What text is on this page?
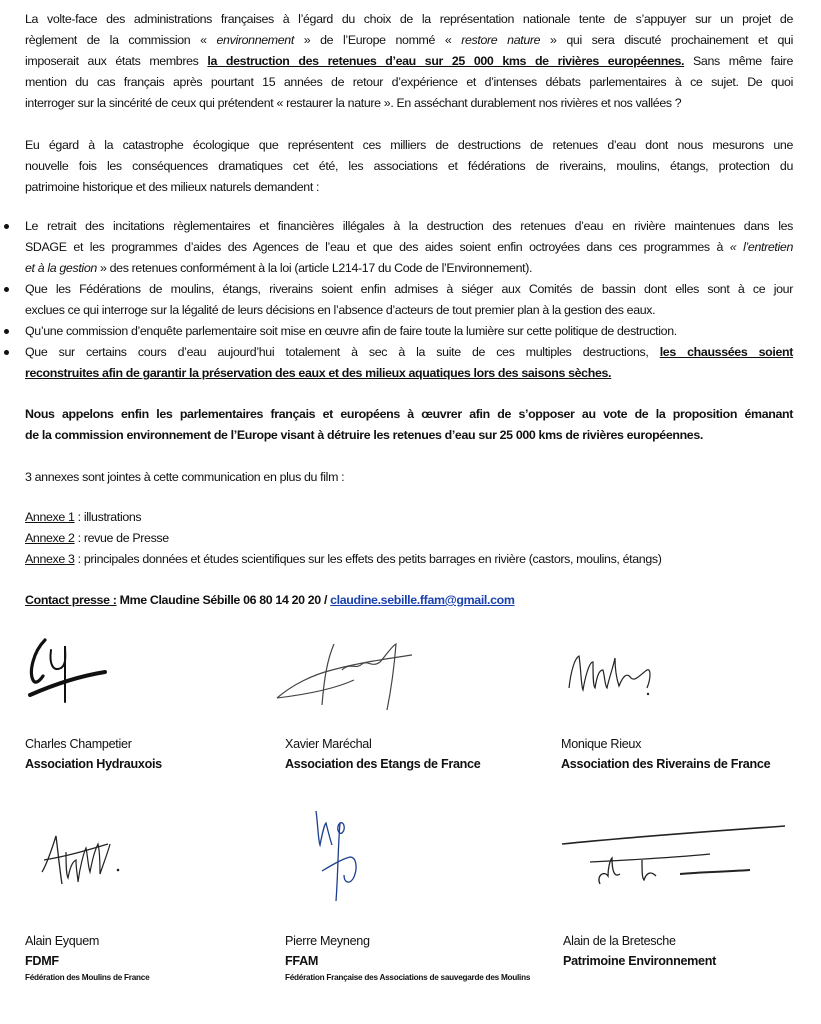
La volte-face des administrations françaises à l’égard du choix de la représentation nationale tente de s’appuyer sur un projet de
règlement de la commission « environnement » de l’Europe nommé « restore nature » qui sera discuté prochainement et qui
imposerait aux états membres la destruction des retenues d’eau sur 25 000 kms de rivières européennes. Sans même faire
mention du cas français après pourtant 15 années de retour d’expérience et d’intenses débats parlementaires à ce sujet. De quoi
interroger sur la sincérité de ceux qui prétendent « restaurer la nature ». En asséchant durablement nos rivières et nos vallées ?
Eu égard à la catastrophe écologique que représentent ces milliers de destructions de retenues d’eau dont nous mesurons une
nouvelle fois les conséquences dramatiques cet été, les associations et fédérations de riverains, moulins, étangs, protection du
patrimoine historique et des milieux naturels demandent :
Le retrait des incitations règlementaires et financières illégales à la destruction des retenues d’eau en rivière maintenues dans les
SDAGE et les programmes d’aides des Agences de l’eau et que des aides soient enfin octroyées dans ces programmes à « l’entretien
et à la gestion » des retenues conformément à la loi (article L214-17 du Code de l’Environnement).
Que les Fédérations de moulins, étangs, riverains soient enfin admises à siéger aux Comités de bassin dont elles sont à ce jour
exclues ce qui interroge sur la légalité de leurs décisions en l’absence d’acteurs de tout premier plan à la gestion des eaux.
Qu’une commission d’enquête parlementaire soit mise en œuvre afin de faire toute la lumière sur cette politique de destruction.
Que sur certains cours d’eau aujourd’hui totalement à sec à la suite de ces multiples destructions, les chaussées soient
reconstruites afin de garantir la préservation des eaux et des milieux aquatiques lors des saisons sèches.
Nous appelons enfin les parlementaires français et européens à œuvrer afin de s’opposer au vote de la proposition émanant
de la commission environnement de l’Europe visant à détruire les retenues d’eau sur 25 000 kms de rivières européennes.
3 annexes sont jointes à cette communication en plus du film :
Annexe 1 : illustrations
Annexe 2 : revue de Presse
Annexe 3 : principales données et études scientifiques sur les effets des petits barrages en rivière (castors, moulins, étangs)
Contact presse : Mme Claudine Sébille 06 80 14 20 20 / claudine.sebille.ffam@gmail.com
Charles Champetier
Association Hydrauxois
Xavier Maréchal
Association des Etangs de France
Monique Rieux
Association des Riverains de France
Alain Eyquem
FDMF
Fédération des Moulins de France
Pierre Meyneng
FFAM
Fédération Française des Associations de sauvegarde des Moulins
Alain de la Bretesche
Patrimoine Environnement
